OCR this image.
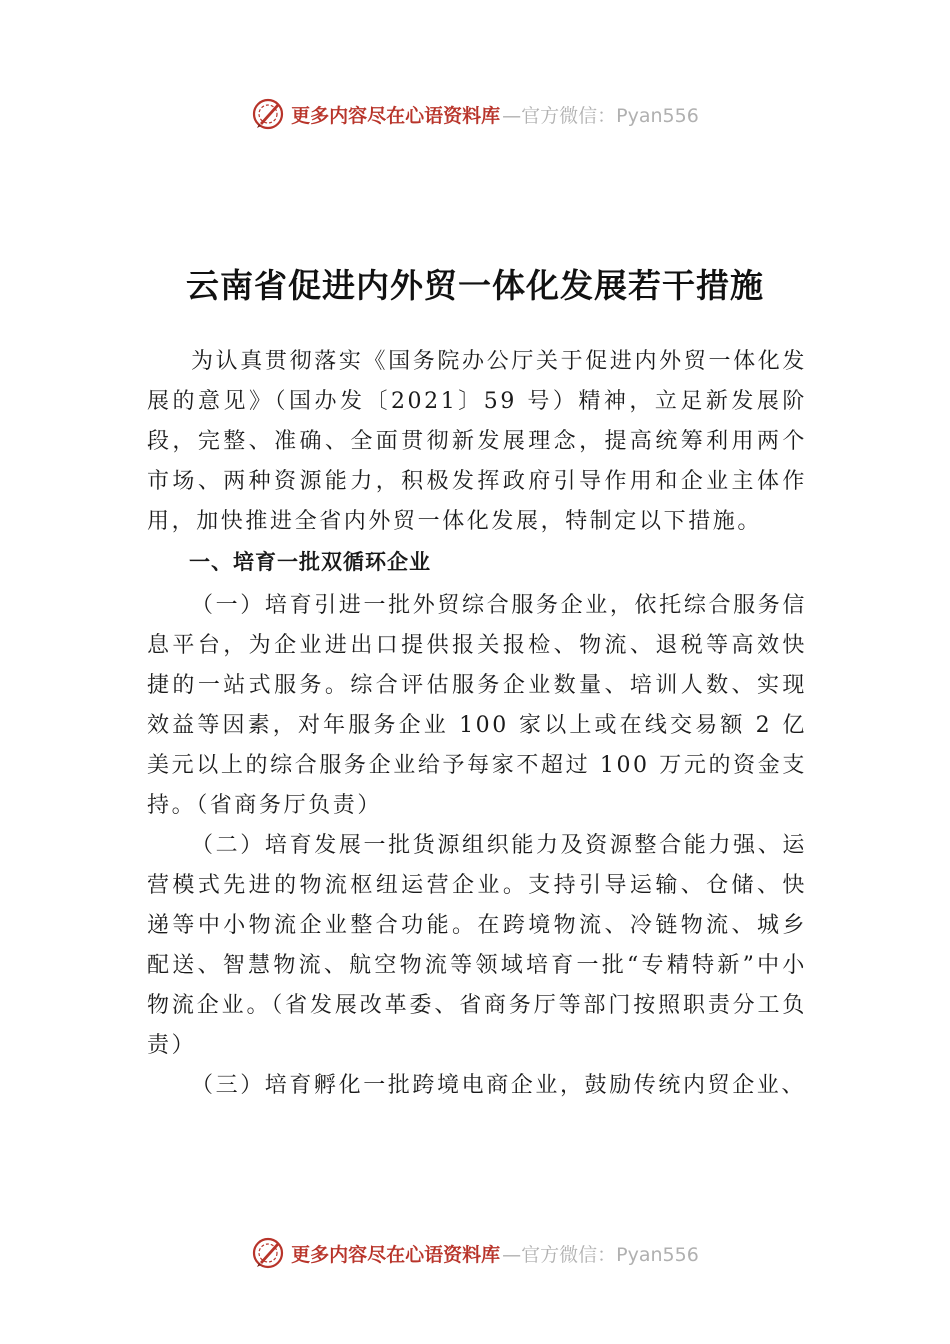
更多内容尽在心语资料库 —官方微信：Pyan556
云南省促进内外贸一体化发展若干措施

为认真贯彻落实《国务院办公厅关于促进内外贸一体化发展的意见》（国办发〔2021〕59 号）精神，立足新发展阶段，完整、准确、全面贯彻新发展理念，提高统筹利用两个市场、两种资源能力，积极发挥政府引导作用和企业主体作用，加快推进全省内外贸一体化发展，特制定以下措施。

一、培育一批双循环企业

（一）培育引进一批外贸综合服务企业，依托综合服务信息平台，为企业进出口提供报关报检、物流、退税等高效快捷的一站式服务。综合评估服务企业数量、培训人数、实现效益等因素，对年服务企业 100 家以上或在线交易额 2 亿美元以上的综合服务企业给予每家不超过 100 万元的资金支持。（省商务厅负责）

（二）培育发展一批货源组织能力及资源整合能力强、运营模式先进的物流枢纽运营企业。支持引导运输、仓储、快递等中小物流企业整合功能。在跨境物流、冷链物流、城乡配送、智慧物流、航空物流等领域培育一批“专精特新”中小物流企业。（省发展改革委、省商务厅等部门按照职责分工负责）

（三）培育孵化一批跨境电商企业，鼓励传统内贸企业、

更多内容尽在心语资料库 —官方微信：Pyan556
